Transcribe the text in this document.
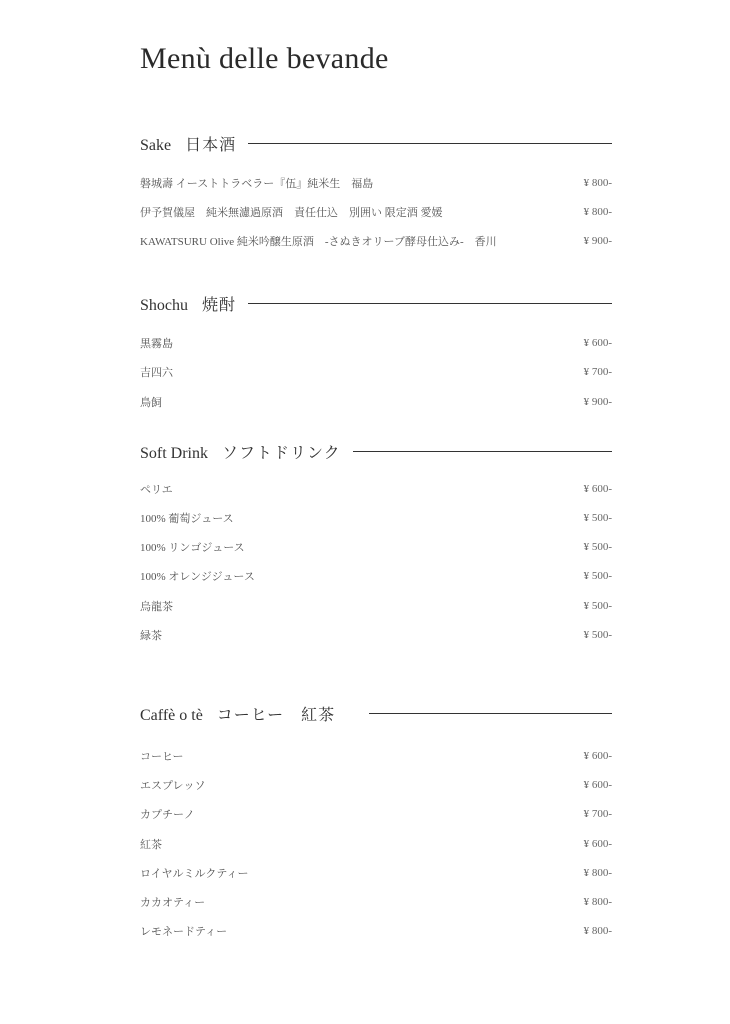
Menù delle bevande
Sake 日本酒
磐城壽 イーストトラベラー『伍』純米生　福島	¥ 800-
伊予賀儀屋　純米無濾過原酒　責任仕込　別囲い 限定酒 愛媛	¥ 800-
KAWATSURU Olive 純米吟醸生原酒　-さぬきオリーブ酵母仕込み-　香川	¥ 900-
Shochu 焼酎
黒霧島	¥ 600-
吉四六	¥ 700-
鳥飼	¥ 900-
Soft Drink ソフトドリンク
ペリエ	¥ 600-
100% 葡萄ジュース	¥ 500-
100% リンゴジュース	¥ 500-
100% オレンジジュース	¥ 500-
烏龍茶	¥ 500-
緑茶	¥ 500-
Caffè o tè コーヒー　紅茶
コーヒー	¥ 600-
エスプレッソ	¥ 600-
カプチーノ	¥ 700-
紅茶	¥ 600-
ロイヤルミルクティー	¥ 800-
カカオティー	¥ 800-
レモネードティー	¥ 800-
